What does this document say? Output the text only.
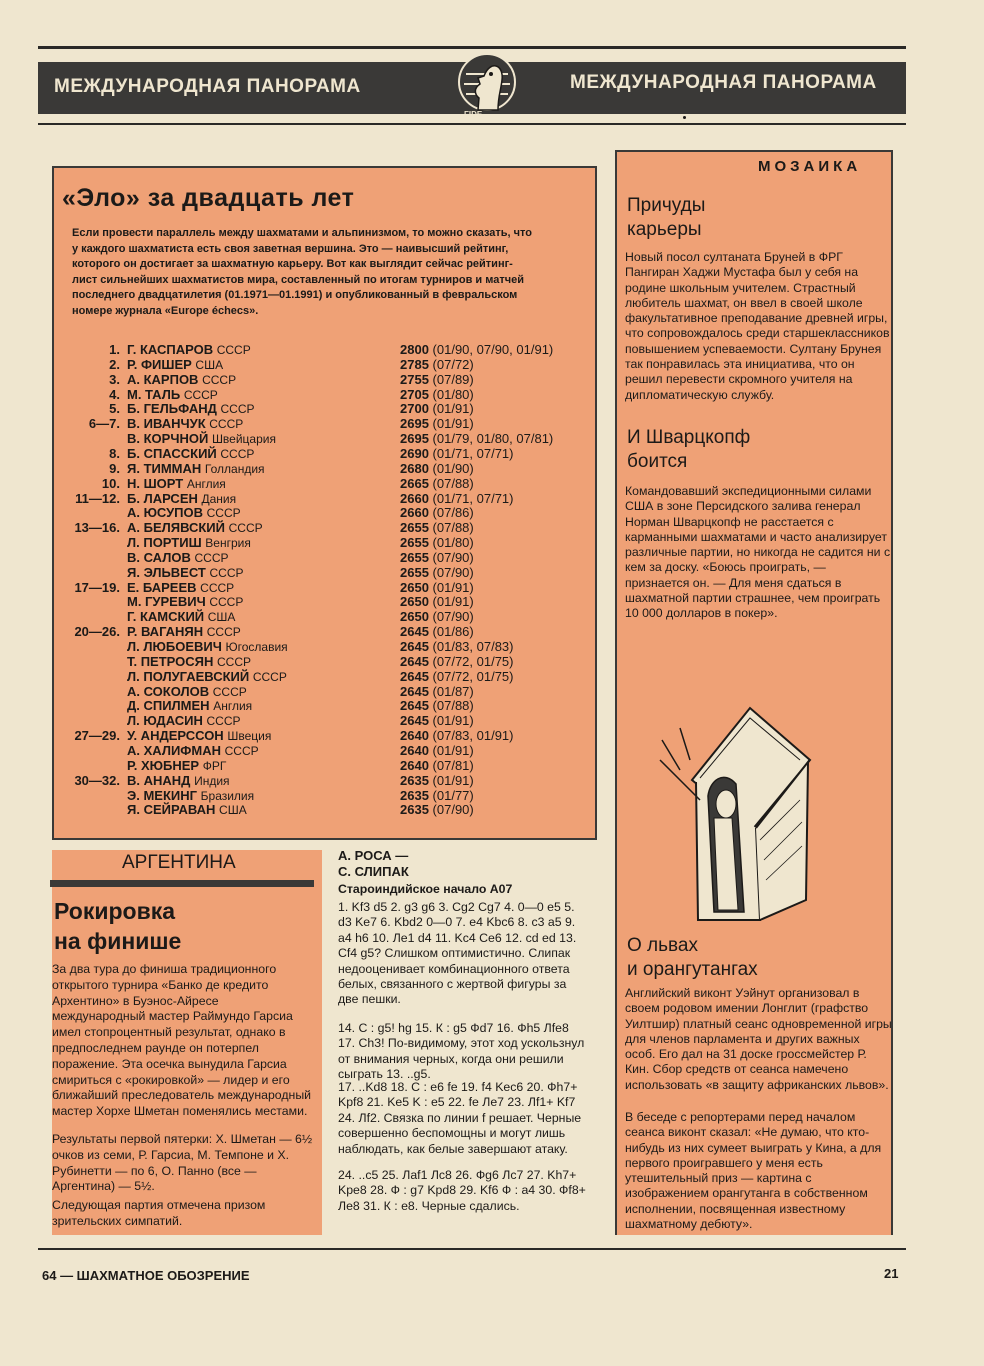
МЕЖДУНАРОДНАЯ ПАНОРАМА	МЕЖДУНАРОДНАЯ ПАНОРАМА
FIDE
«Эло» за двадцать лет
Если провести параллель между шахматами и альпинизмом, то можно сказать, что у каждого шахматиста есть своя заветная вершина. Это — наивысший рейтинг, которого он достигает за шахматную карьеру. Вот как выглядит сейчас рейтинг-лист сильнейших шахматистов мира, составленный по итогам турниров и матчей последнего двадцатилетия (01.1971—01.1991) и опубликованный в февральском номере журнала «Europe échecs».
1. Г. КАСПАРОВ СССР	2800 (01/90, 07/90, 01/91)
2. Р. ФИШЕР США	2785 (07/72)
3. А. КАРПОВ СССР	2755 (07/89)
4. М. ТАЛЬ СССР	2705 (01/80)
5. Б. ГЕЛЬФАНД СССР	2700 (01/91)
6—7. В. ИВАНЧУК СССР	2695 (01/91)
В. КОРЧНОЙ Швейцария	2695 (01/79, 01/80, 07/81)
8. Б. СПАССКИЙ СССР	2690 (01/71, 07/71)
9. Я. ТИММАН Голландия	2680 (01/90)
10. Н. ШОРТ Англия	2665 (07/88)
11—12. Б. ЛАРСЕН Дания	2660 (01/71, 07/71)
А. ЮСУПОВ СССР	2660 (07/86)
13—16. А. БЕЛЯВСКИЙ СССР	2655 (07/88)
Л. ПОРТИШ Венгрия	2655 (01/80)
В. САЛОВ СССР	2655 (07/90)
Я. ЭЛЬВЕСТ СССР	2655 (07/90)
17—19. Е. БАРЕЕВ СССР	2650 (01/91)
М. ГУРЕВИЧ СССР	2650 (01/91)
Г. КАМСКИЙ США	2650 (07/90)
20—26. Р. ВАГАНЯН СССР	2645 (01/86)
Л. ЛЮБОЕВИЧ Югославия	2645 (01/83, 07/83)
Т. ПЕТРОСЯН СССР	2645 (07/72, 01/75)
Л. ПОЛУГАЕВСКИЙ СССР	2645 (07/72, 01/75)
А. СОКОЛОВ СССР	2645 (01/87)
Д. СПИЛМЕН Англия	2645 (07/88)
Л. ЮДАСИН СССР	2645 (01/91)
27—29. У. АНДЕРССОН Швеция	2640 (07/83, 01/91)
А. ХАЛИФМАН СССР	2640 (01/91)
Р. ХЮБНЕР ФРГ	2640 (07/81)
30—32. В. АНАНД Индия	2635 (01/91)
Э. МЕКИНГ Бразилия	2635 (01/77)
Я. СЕЙРАВАН США	2635 (07/90)
МОЗАИКА
Причуды
карьеры
Новый посол султаната Бруней в ФРГ Пангиран Хаджи Мустафа был у себя на родине школьным учителем. Страстный любитель шахмат, он ввел в своей школе факультативное преподавание древней игры, что сопровождалось среди старшеклассников повышением успеваемости. Султану Брунея так понравилась эта инициатива, что он решил перевести скромного учителя на дипломатическую службу.
И Шварцкопф
боится
Командовавший экспедиционными силами США в зоне Персидского залива генерал Норман Шварцкопф не расстается с карманными шахматами и часто анализирует различные партии, но никогда не садится ни с кем за доску. «Боюсь проиграть, — признается он. — Для меня сдаться в шахматной партии страшнее, чем проиграть 10 000 долларов в покер».
О львах
и орангутангах
Английский виконт Уэйнут организовал в своем родовом имении Лонглит (графство Уилтшир) платный сеанс одновременной игры для членов парламента и других важных особ. Его дал на 31 доске гроссмейстер Р. Кин. Сбор средств от сеанса намечено использовать «в защиту африканских львов».
В беседе с репортерами перед началом сеанса виконт сказал: «Не думаю, что кто-нибудь из них сумеет выиграть у Кина, а для первого проигравшего у меня есть утешительный приз — картина с изображением орангутанга в собственном исполнении, посвященная известному шахматному дебюту».
АРГЕНТИНА
Рокировка
на финише
За два тура до финиша традиционного открытого турнира «Банко де кредито Архентино» в Буэнос-Айресе международный мастер Раймундо Гарсиа имел стопроцентный результат, однако в предпоследнем раунде он потерпел поражение. Эта осечка вынудила Гарсиа смириться с «рокировкой» — лидер и его ближайший преследователь международный мастер Хорхе Шметан поменялись местами.
Результаты первой пятерки: Х. Шметан — 6½ очков из семи, Р. Гарсиа, М. Темпоне и Х. Рубинетти — по 6, О. Панно (все — Аргентина) — 5½.
Следующая партия отмечена призом зрительских симпатий.
А. РОСА —
С. СЛИПАК
Староиндийское начало A07
1. Kf3 d5 2. g3 g6 3. Cg2 Cg7 4. 0—0 e5 5. d3 Ke7 6. Kbd2 0—0 7. e4 Kbc6 8. c3 a5 9. a4 h6 10. Ле1 d4 11. Kc4 Ce6 12. cd ed 13. Cf4 g5? Слишком оптимистично. Слипак недооценивает комбинационного ответа белых, связанного с жертвой фигуры за две пешки.
14. С : g5! hg 15. К : g5 Фd7 16. Фh5 Лfe8 17. Ch3! По-видимому, этот ход ускользнул от внимания черных, когда они решили сыграть 13. ..g5.
17. ..Kd8 18. С : e6 fe 19. f4 Kec6 20. Фh7+ Kpf8 21. Ke5 K : e5 22. fe Ле7 23. Лf1+ Kf7 24. Лf2. Связка по линии f решает. Черные совершенно беспомощны и могут лишь наблюдать, как белые завершают атаку.
24. ..c5 25. Лaf1 Лc8 26. Фg6 Лc7 27. Kh7+ Kpe8 28. Ф : g7 Kpd8 29. Kf6 Ф : a4 30. Фf8+ Лe8 31. К : e8. Черные сдались.
64 — ШАХМАТНОЕ ОБОЗРЕНИЕ	21
